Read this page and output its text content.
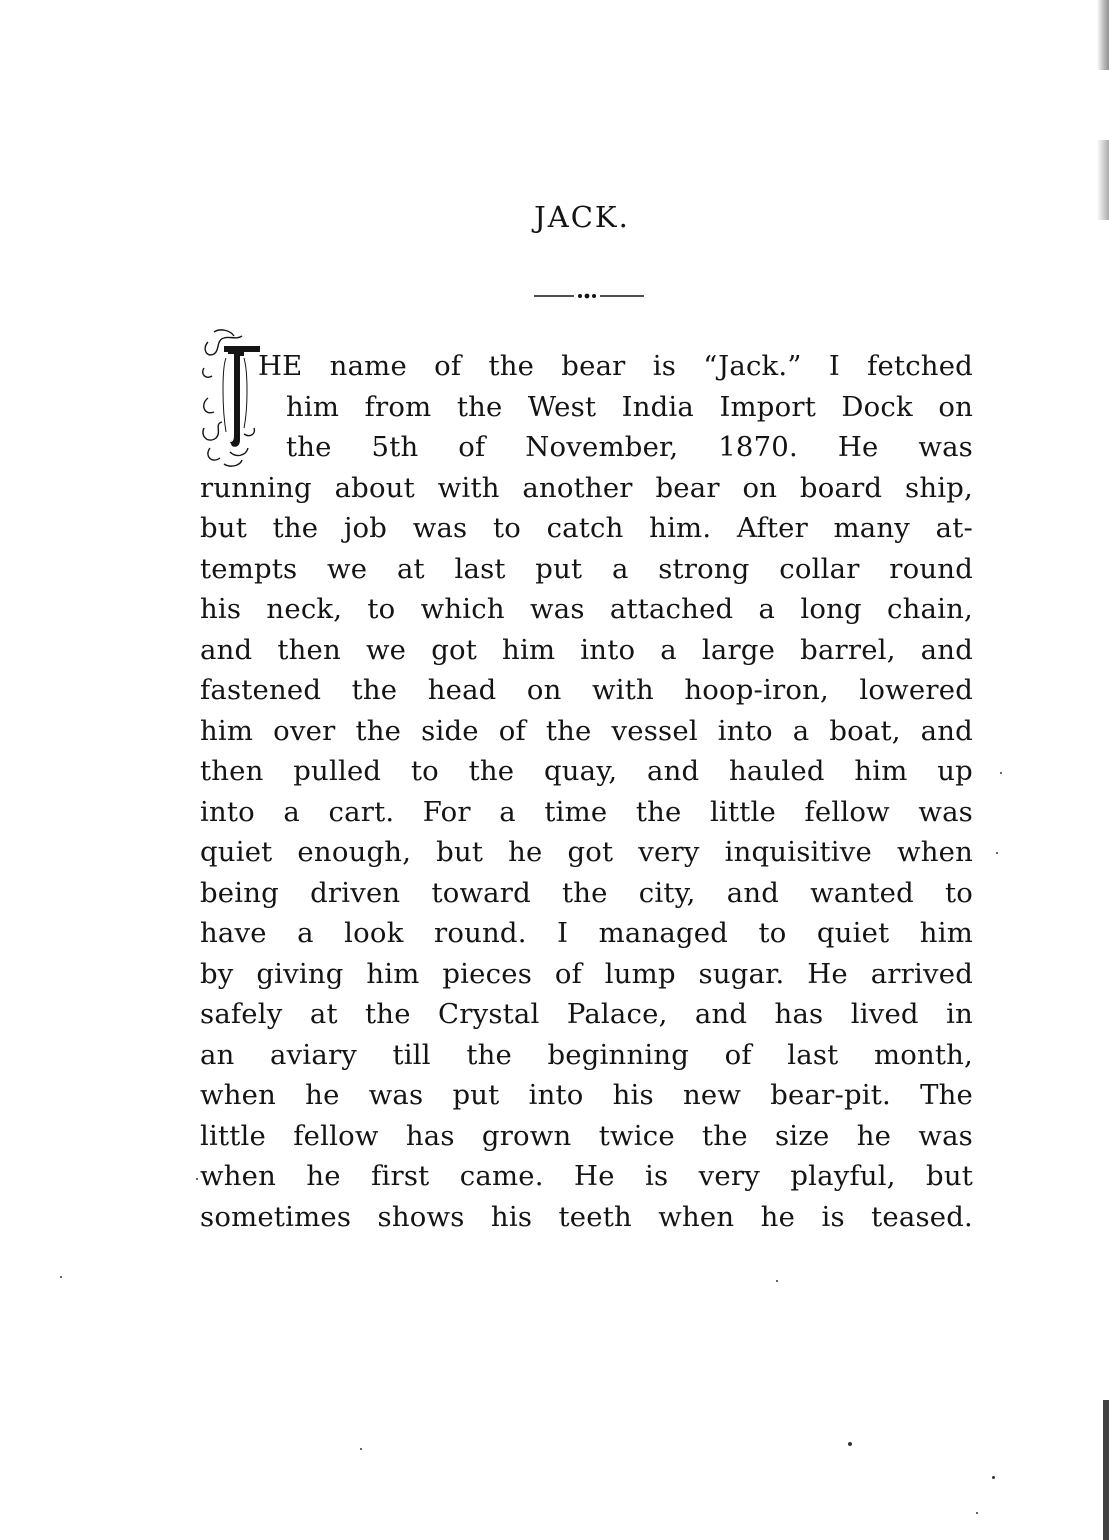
JACK.
HE name of the bear is “Jack.” I fetched
him from the West India Import Dock on
the 5th of November, 1870. He was
running about with another bear on board ship,
but the job was to catch him. After many at-
tempts we at last put a strong collar round
his neck, to which was attached a long chain,
and then we got him into a large barrel, and
fastened the head on with hoop-iron, lowered
him over the side of the vessel into a boat, and
then pulled to the quay, and hauled him up
into a cart. For a time the little fellow was
quiet enough, but he got very inquisitive when
being driven toward the city, and wanted to
have a look round. I managed to quiet him
by giving him pieces of lump sugar. He arrived
safely at the Crystal Palace, and has lived in
an aviary till the beginning of last month,
when he was put into his new bear-pit. The
little fellow has grown twice the size he was
when he first came. He is very playful, but
sometimes shows his teeth when he is teased.
